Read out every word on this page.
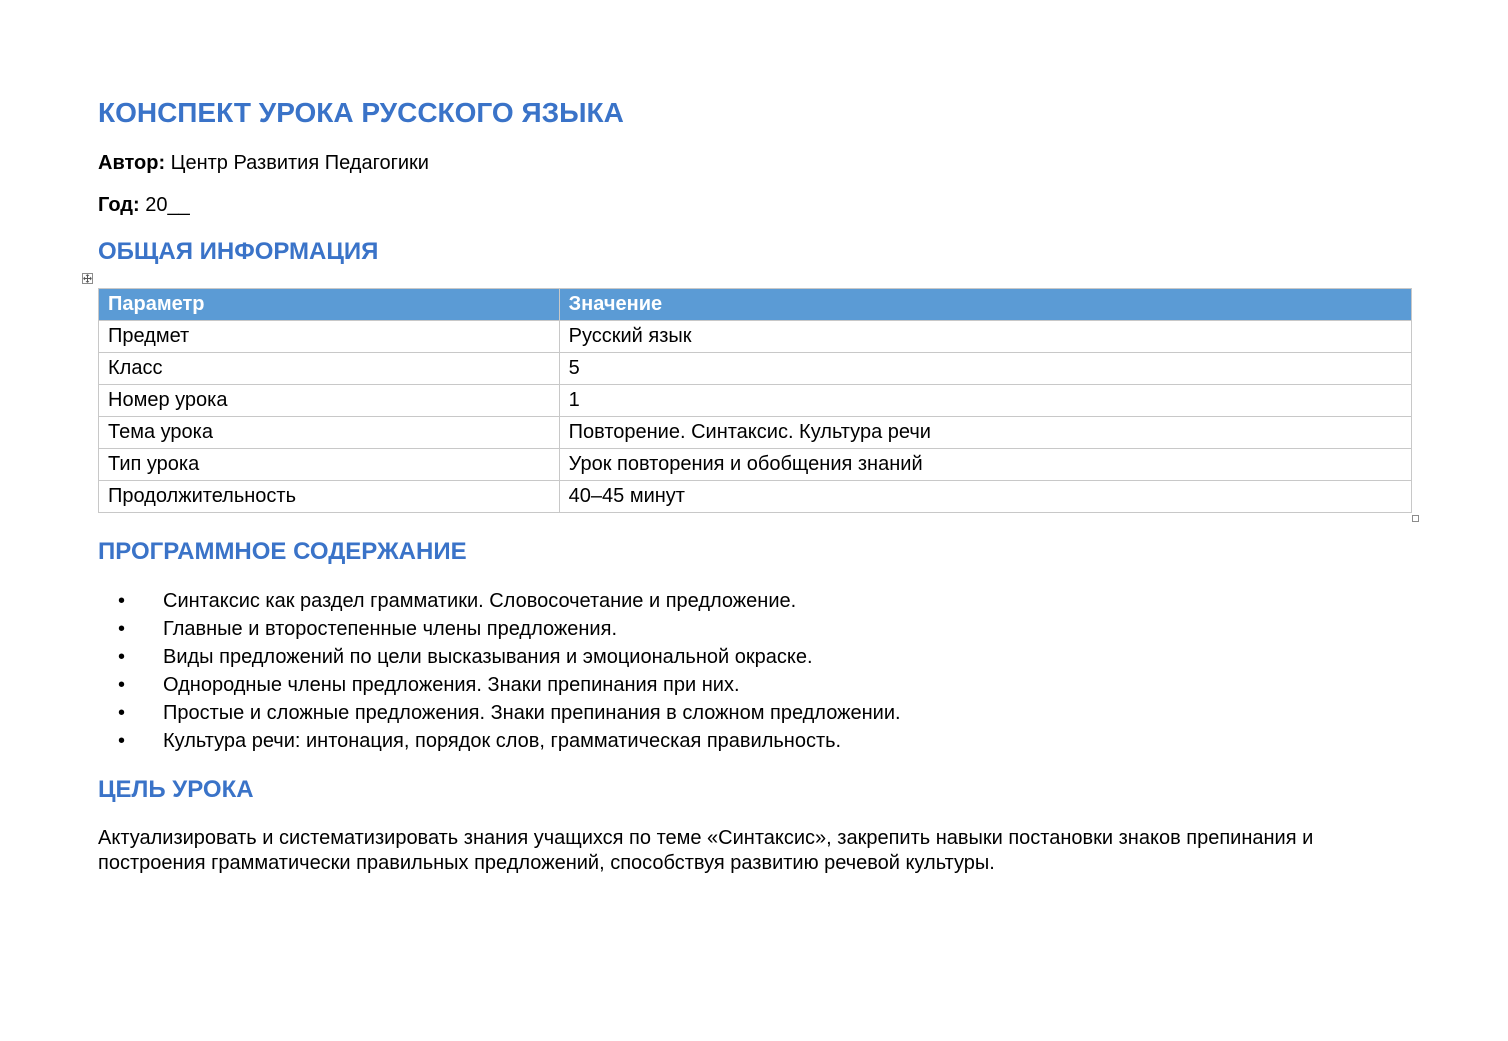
КОНСПЕКТ УРОКА РУССКОГО ЯЗЫКА
Автор: Центр Развития Педагогики
Год: 20__
ОБЩАЯ ИНФОРМАЦИЯ
Параметр	Значение
Предмет	Русский язык
Класс	5
Номер урока	1
Тема урока	Повторение. Синтаксис. Культура речи
Тип урока	Урок повторения и обобщения знаний
Продолжительность	40–45 минут
ПРОГРАММНОЕ СОДЕРЖАНИЕ
• Синтаксис как раздел грамматики. Словосочетание и предложение.
• Главные и второстепенные члены предложения.
• Виды предложений по цели высказывания и эмоциональной окраске.
• Однородные члены предложения. Знаки препинания при них.
• Простые и сложные предложения. Знаки препинания в сложном предложении.
• Культура речи: интонация, порядок слов, грамматическая правильность.
ЦЕЛЬ УРОКА

Актуализировать и систематизировать знания учащихся по теме «Синтаксис», закрепить навыки постановки знаков препинания и построения грамматически правильных предложений, способствуя развитию речевой культуры.
